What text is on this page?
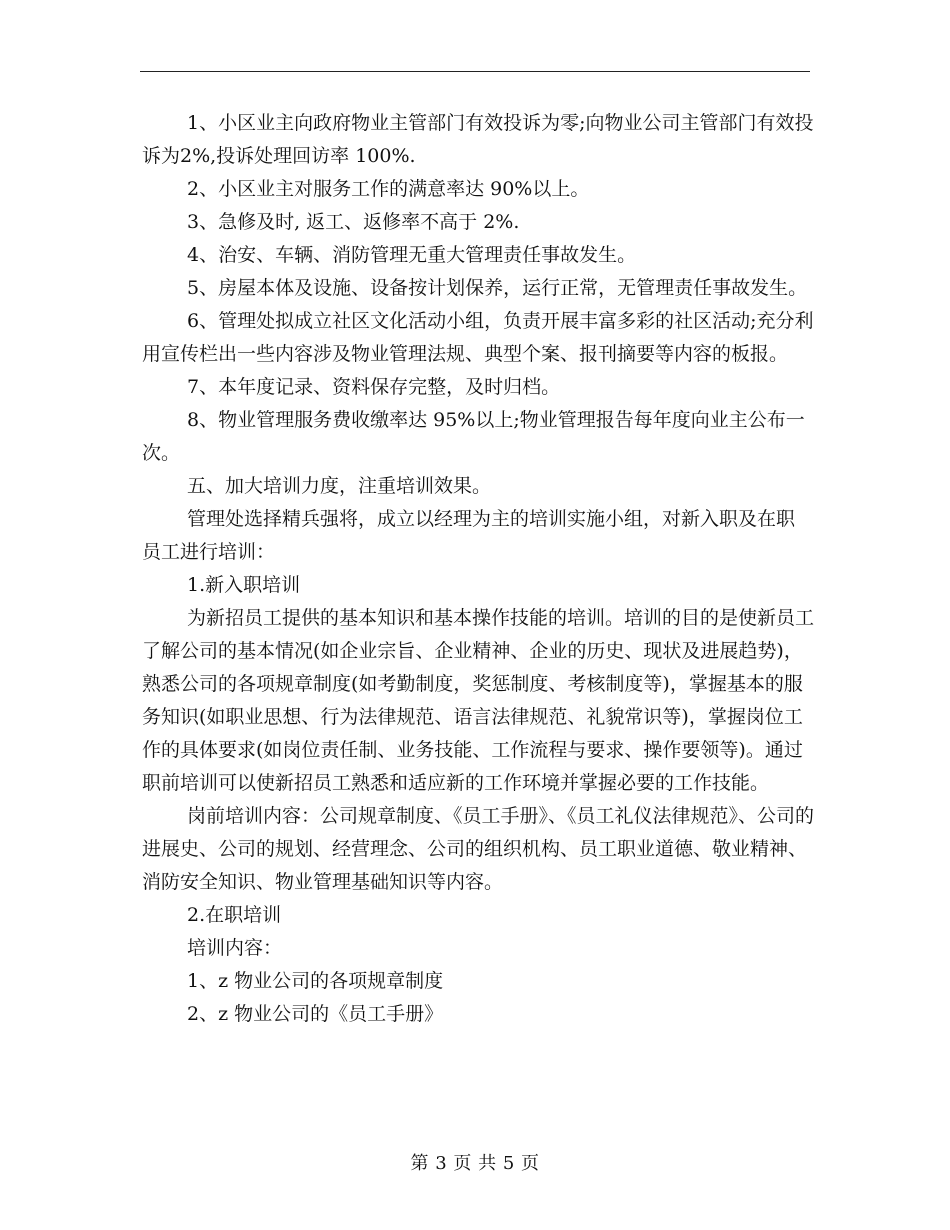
1、小区业主向政府物业主管部门有效投诉为零;向物业公司主管部门有效投诉为2%,投诉处理回访率 100%.

2、小区业主对服务工作的满意率达 90%以上。

3、急修及时, 返工、返修率不高于 2%.

4、治安、车辆、消防管理无重大管理责任事故发生。

5、房屋本体及设施、设备按计划保养，运行正常，无管理责任事故发生。

6、管理处拟成立社区文化活动小组，负责开展丰富多彩的社区活动;充分利用宣传栏出一些内容涉及物业管理法规、典型个案、报刊摘要等内容的板报。

7、本年度记录、资料保存完整，及时归档。

8、物业管理服务费收缴率达 95%以上;物业管理报告每年度向业主公布一次。

五、加大培训力度，注重培训效果。

管理处选择精兵强将，成立以经理为主的培训实施小组，对新入职及在职 员工进行培训：

1.新入职培训

为新招员工提供的基本知识和基本操作技能的培训。培训的目的是使新员工了解公司的基本情况(如企业宗旨、企业精神、企业的历史、现状及进展趋势)，熟悉公司的各项规章制度(如考勤制度，奖惩制度、考核制度等)，掌握基本的服务知识(如职业思想、行为法律规范、语言法律规范、礼貌常识等)，掌握岗位工作的具体要求(如岗位责任制、业务技能、工作流程与要求、操作要领等)。通过职前培训可以使新招员工熟悉和适应新的工作环境并掌握必要的工作技能。

岗前培训内容：公司规章制度、《员工手册》、《员工礼仪法律规范》、公司的进展史、公司的规划、经营理念、公司的组织机构、员工职业道德、敬业精神、消防安全知识、物业管理基础知识等内容。

2.在职培训

培训内容：

1、z 物业公司的各项规章制度

2、z 物业公司的《员工手册》

第 3 页 共 5 页
